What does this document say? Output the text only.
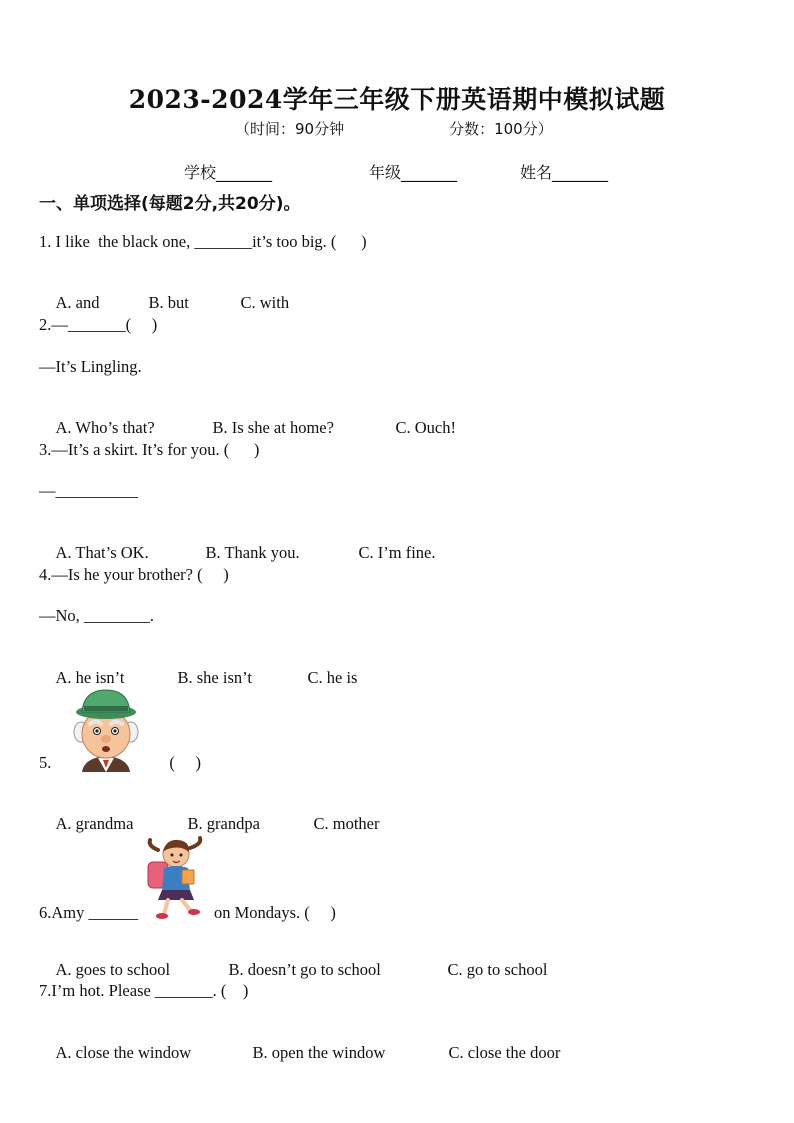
2023-2024学年三年级下册英语期中模拟试题
（时间：90分钟	分数：100分）
学校_______	年级_______	姓名_______
一、单项选择(每题2分,共20分)。
1. I like  the black one, _______it’s too big. (      )

A. and	B. but	C. with

2.—_______(     )
—It’s Lingling.

A. Who’s that?	B. Is she at home?	C. Ouch!

3.—It’s a skirt. It’s for you. (      )
—__________

A. That’s OK.	B. Thank you.	C. I’m fine.

4.—Is he your brother? (     )
—No, ________.

A. he isn’t	B. she isn’t	C. he is

5.	(     )

A. grandma	B. grandpa	C. mother

6.Amy ______	on Mondays. (     )

A. goes to school	B. doesn’t go to school	C. go to school

7.I’m hot. Please _______. (    )

A. close the window	B. open the window	C. close the door
